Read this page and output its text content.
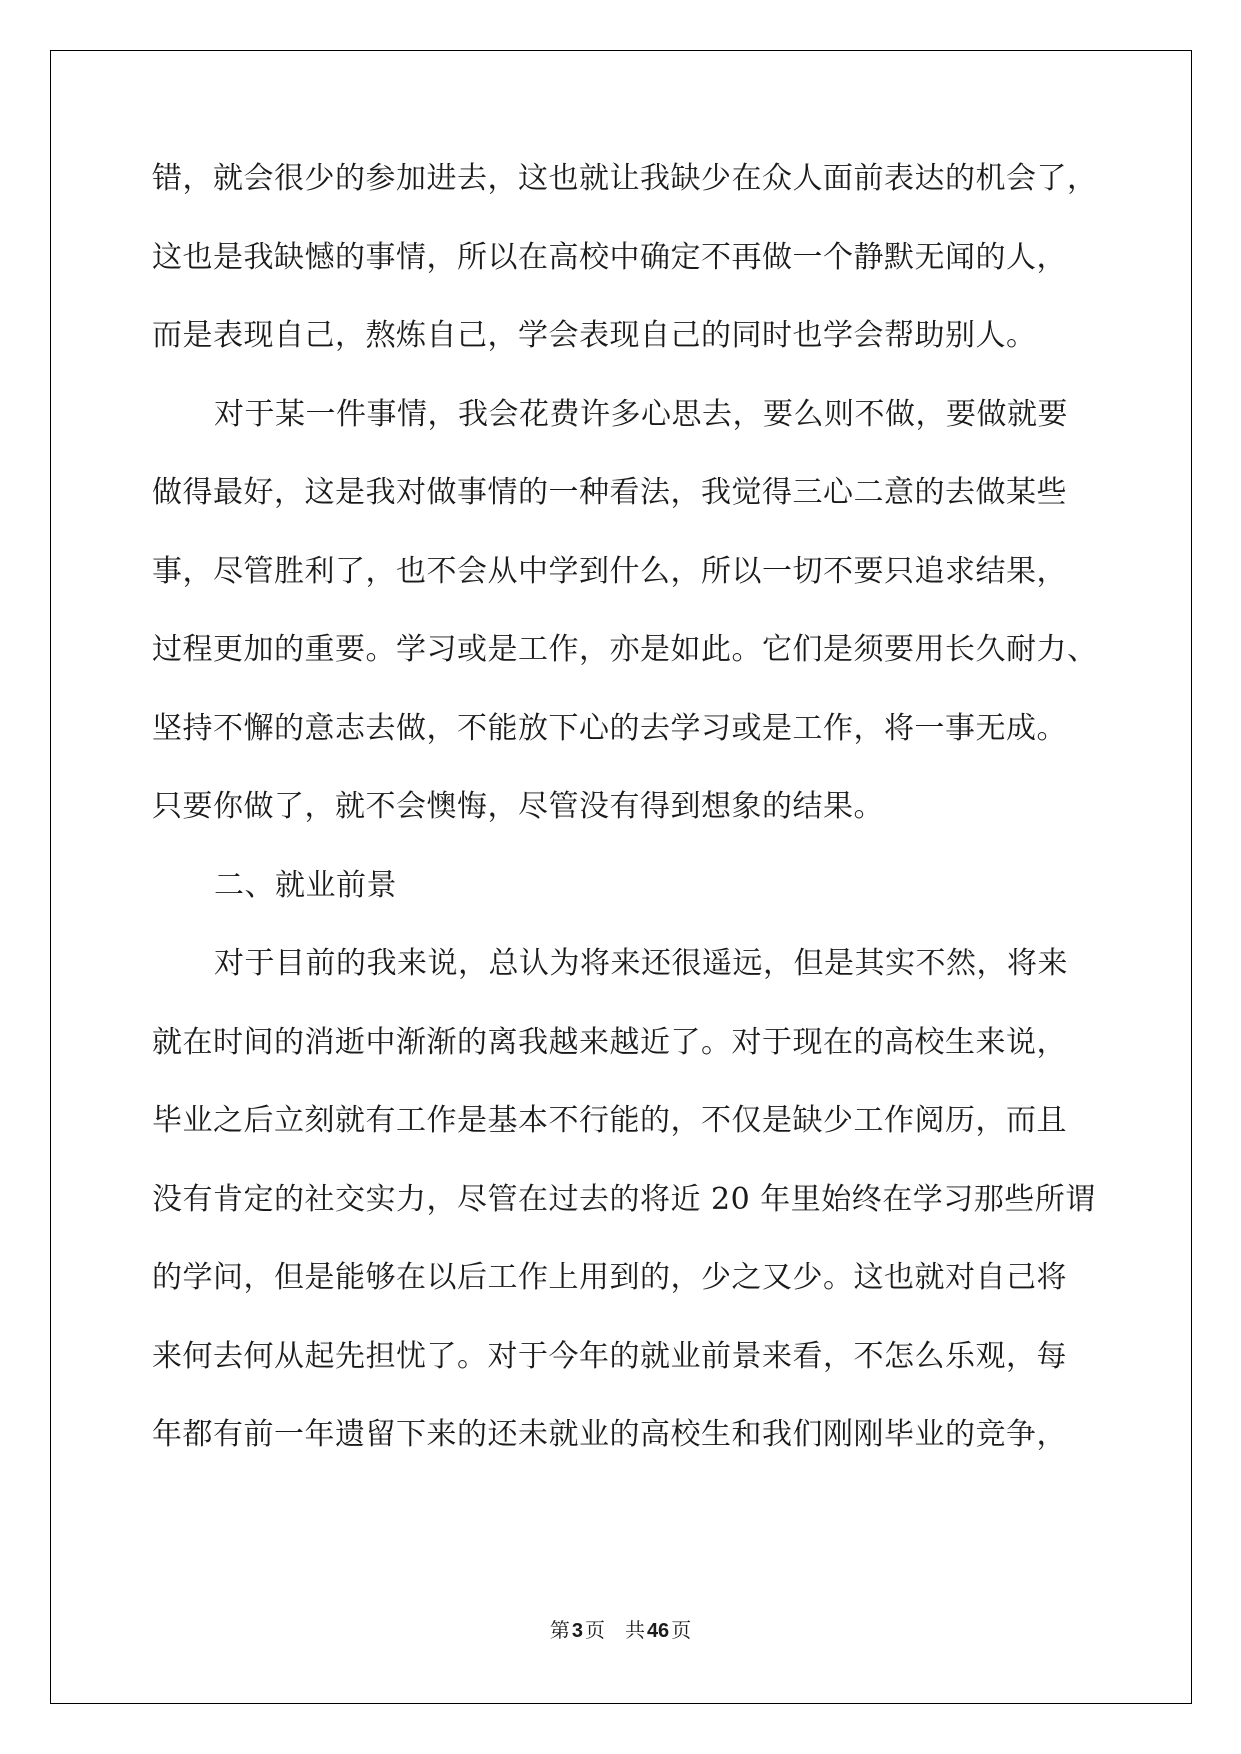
错，就会很少的参加进去，这也就让我缺少在众人面前表达的机会了，
这也是我缺憾的事情，所以在高校中确定不再做一个静默无闻的人，
而是表现自己，熬炼自己，学会表现自己的同时也学会帮助别人。
对于某一件事情，我会花费许多心思去，要么则不做，要做就要
做得最好，这是我对做事情的一种看法，我觉得三心二意的去做某些
事，尽管胜利了，也不会从中学到什么，所以一切不要只追求结果，
过程更加的重要。学习或是工作，亦是如此。它们是须要用长久耐力、
坚持不懈的意志去做，不能放下心的去学习或是工作，将一事无成。
只要你做了，就不会懊悔，尽管没有得到想象的结果。
二、就业前景
对于目前的我来说，总认为将来还很遥远，但是其实不然，将来
就在时间的消逝中渐渐的离我越来越近了。对于现在的高校生来说，
毕业之后立刻就有工作是基本不行能的，不仅是缺少工作阅历，而且
没有肯定的社交实力，尽管在过去的将近 20 年里始终在学习那些所谓
的学问，但是能够在以后工作上用到的，少之又少。这也就对自己将
来何去何从起先担忧了。对于今年的就业前景来看，不怎么乐观，每
年都有前一年遗留下来的还未就业的高校生和我们刚刚毕业的竞争，
第 3 页 共 46 页
